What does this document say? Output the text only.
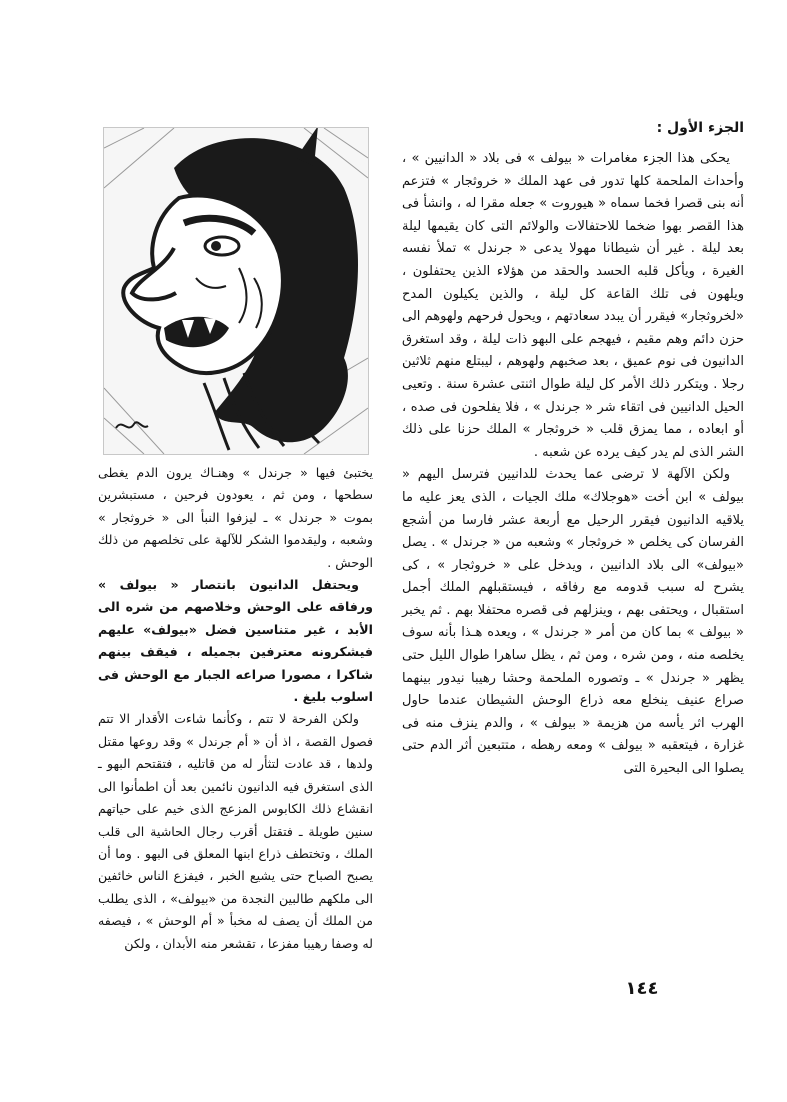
الجزء الأول :

يحكى هذا الجزء مغامرات « بيولف » فى بلاد « الدانيين » ، وأحداث الملحمة كلها تدور فى عهد الملك « خروثجار » فتزعم أنه بنى قصرا فخما سماه « هيوروت » جعله مقرا له ، وانشأ فى هذا القصر بهوا ضخما للاحتفالات والولائم التى كان يقيمها ليلة بعد ليلة . غير أن شيطانا مهولا يدعى « جرندل » تملأ نفسه الغيرة ، ويأكل قلبه الحسد والحقد من هؤلاء الذين يحتفلون ، ويلهون فى تلك القاعة كل ليلة ، والذين يكيلون المدح «لخروثجار» فيقرر أن يبدد سعادتهم ، ويحول فرحهم ولهوهم الى حزن دائم وهم مقيم ، فيهجم على البهو ذات ليلة ، وقد استغرق الدانيون فى نوم عميق ، بعد صخبهم ولهوهم ، ليبتلع منهم ثلاثين رجلا . ويتكرر ذلك الأمر كل ليلة طوال اثنتى عشرة سنة . وتعيى الحيل الدانيين فى اتقاء شر « جرندل » ، فلا يفلحون فى صده ، أو ابعاده ، مما يمزق قلب « خروثجار » الملك حزنا على ذلك الشر الذى لم يدر كيف يرده عن شعبه .

ولكن الآلهة لا ترضى عما يحدث للدانيين فترسل اليهم « بيولف » ابن أخت «هوجلاك» ملك الجيات ، الذى يعز عليه ما يلاقيه الدانيون فيقرر الرحيل مع أربعة عشر فارسا من أشجع الفرسان كى يخلص « خروثجار » وشعبه من « جرندل » . يصل «بيولف» الى بلاد الدانيين ، ويدخل على « خروثجار » ، كى يشرح له سبب قدومه مع رفاقه ، فيستقبلهم الملك أجمل استقبال ، ويحتفى بهم ، وينزلهم فى قصره محتفلا بهم . ثم يخبر « بيولف » بما كان من أمر « جرندل » ، ويعده هـذا بأنه سوف يخلصه منه ، ومن شره ، ومن ثم ، يظل ساهرا طوال الليل حتى يظهر « جرندل » ـ وتصوره الملحمة وحشا رهيبا نيدور بينهما صراع عنيف ينخلع معه ذراع الوحش الشيطان عندما حاول الهرب اثر يأسه من هزيمة « بيولف » ، والدم ينزف منه فى غزارة ، فيتعقبه « بيولف » ومعه رهطه ، متتبعين أثر الدم حتى يصلوا الى البحيرة التى

يختبئ فيها « جرندل » وهنـاك يرون الدم يغطى سطحها ، ومن ثم ، يعودون فرحين ، مستبشرين بموت « جرندل » ـ ليزفوا النبأ الى « خروثجار » وشعبه ، وليقدموا الشكر للآلهة على تخلصهم من ذلك الوحش .

ويحتفل الدانيون بانتصار « بيولف » ورفاقه على الوحش وخلاصهم من شره الى الأبد ، غير متناسين فضل «بيولف» عليهم فيشكرونه معترفين بجميله ، فيقف بينهم شاكرا ، مصورا صراعه الجبار مع الوحش فى اسلوب بليغ .

ولكن الفرحة لا تتم ، وكأنما شاءت الأقدار الا تتم فصول القصة ، اذ أن « أم جرندل » وقد روعها مقتل ولدها ، قد عادت لتثأر له من قاتليه ، فتقتحم البهو ـ الذى استغرق فيه الدانيون نائمين بعد أن اطمأنوا الى انقشاع ذلك الكابوس المزعج الذى خيم على حياتهم سنين طويلة ـ فتقتل أقرب رجال الحاشية الى قلب الملك ، وتختطف ذراع ابنها المعلق فى البهو . وما أن يصبح الصباح حتى يشيع الخبر ، فيفزع الناس خائفين الى ملكهم طالبين النجدة من «بيولف» ، الذى يطلب من الملك أن يصف له مخبأ « أم الوحش » ، فيصفه له وصفا رهيبا مفزعا ، تقشعر منه الأبدان ، ولكن

١٤٤
